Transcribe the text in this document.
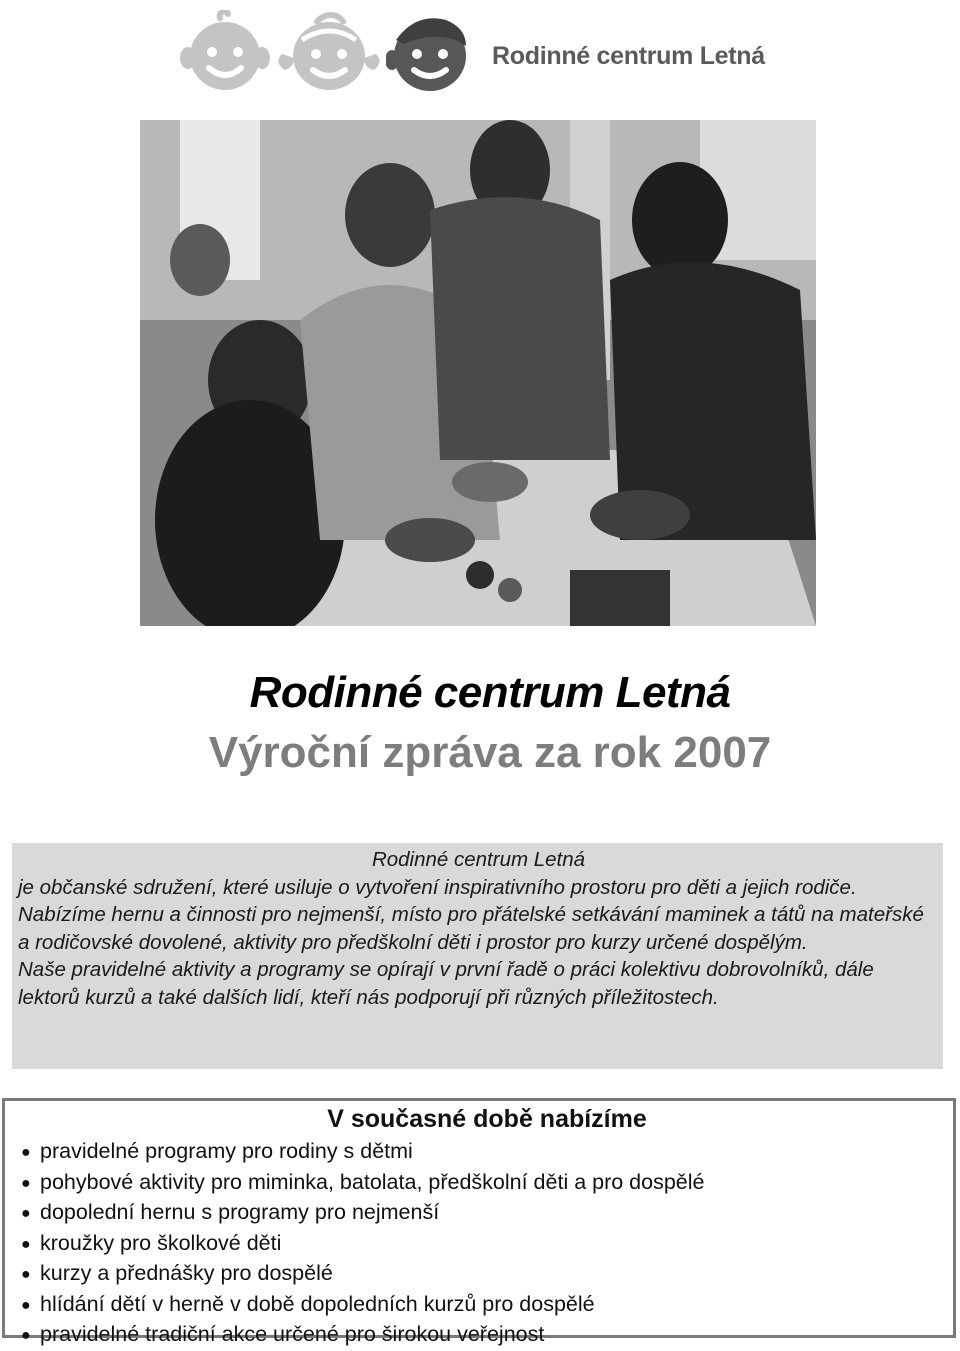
Rodinné centrum Letná
Rodinné centrum Letná
Výroční zpráva za rok 2007
Rodinné centrum Letná

je občanské sdružení, které usiluje o vytvoření inspirativního prostoru pro děti a jejich rodiče. Nabízíme hernu a činnosti pro nejmenší, místo pro přátelské setkávání maminek a tátů na mateřské a rodičovské dovolené, aktivity pro předškolní děti i prostor pro kurzy určené dospělým.

Naše pravidelné aktivity a programy se opírají v první řadě o práci kolektivu dobrovolníků, dále lektorů kurzů a také dalších lidí, kteří nás podporují při různých příležitostech.

V současné době nabízíme
● pravidelné programy pro rodiny s dětmi
● pohybové aktivity pro miminka, batolata, předškolní děti a pro dospělé
● dopolední hernu s programy pro nejmenší
● kroužky pro školkové děti
● kurzy a přednášky pro dospělé
● hlídání dětí v herně v době dopoledních kurzů pro dospělé
● pravidelné tradiční akce určené pro širokou veřejnost
